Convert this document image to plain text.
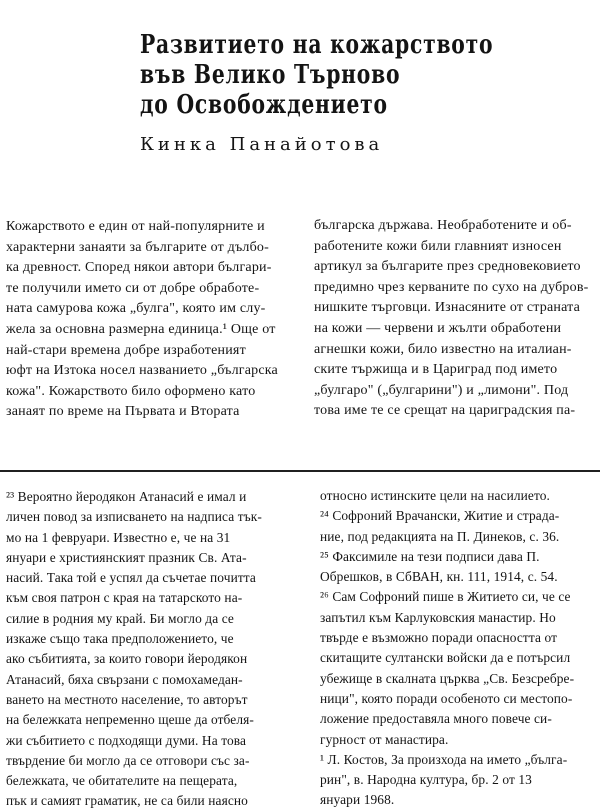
Развитието на кожарството
във Велико Търново
до Освобождението
Кинка Панайотова
Кожарството е един от най-популярните и
характерни занаяти за българите от дълбо-
ка древност. Според някои автори българи-
те получили името си от добре обработе-
ната самурова кожа „булга", която им слу-
жела за основна размерна единица.¹ Още от
най-стари времена добре изработеният
юфт на Изтока носел названието „българска
кожа". Кожарството било оформено като
занаят по време на Първата и Втората
българска държава. Необработените и об-
работените кожи били главният износен
артикул за българите през средновековието
предимно чрез керваните по сухо на дубров-
нишките търговци. Изнасяните от страната
на кожи — червени и жълти обработени
агнешки кожи, било известно на италиан-
ските тържища и в Цариград под името
„булгаро" („булгарини") и „лимони". Под
това име те се срещат на цариградския па-
²³ Вероятно йеродякон Атанасий е имал и
личен повод за изписването на надписа тък-
мо на 1 февруари. Известно е, че на 31
януари е християнският празник Св. Ата-
насий. Така той е успял да съчетае почитта
към своя патрон с края на татарското на-
силие в родния му край. Би могло да се
изкаже също така предположението, че
ако събитията, за които говори йеродякон
Атанасий, бяха свързани с помохамедан-
ването на местното население, то авторът
на бележката непременно щеше да отбеля-
жи събитието с подходящи думи. На това
твърдение би могло да се отговори със за-
бележката, че обитателите на пещерата,
пък и самият граматик, не са били наясно
относно истинските цели на насилието.
²⁴ Софроний Врачански, Житие и страда-
ние, под редакцията на П. Динеков, с. 36.
²⁵ Факсимиле на тези подписи дава П.
Обрешков, в СбВАН, кн. 111, 1914, с. 54.
²⁶ Сам Софроний пише в Житието си, че се
запътил към Карлуковския манастир. Но
твърде е възможно поради опасността от
скитащите султански войски да е потърсил
убежище в скалната църква „Св. Безсребре-
ници", която поради особеното си местопо-
ложение предоставяла много повече си-
гурност от манастира.
¹ Л. Костов, За произхода на името „бълга-
рин", в. Народна култура, бр. 2 от 13
януари 1968.
